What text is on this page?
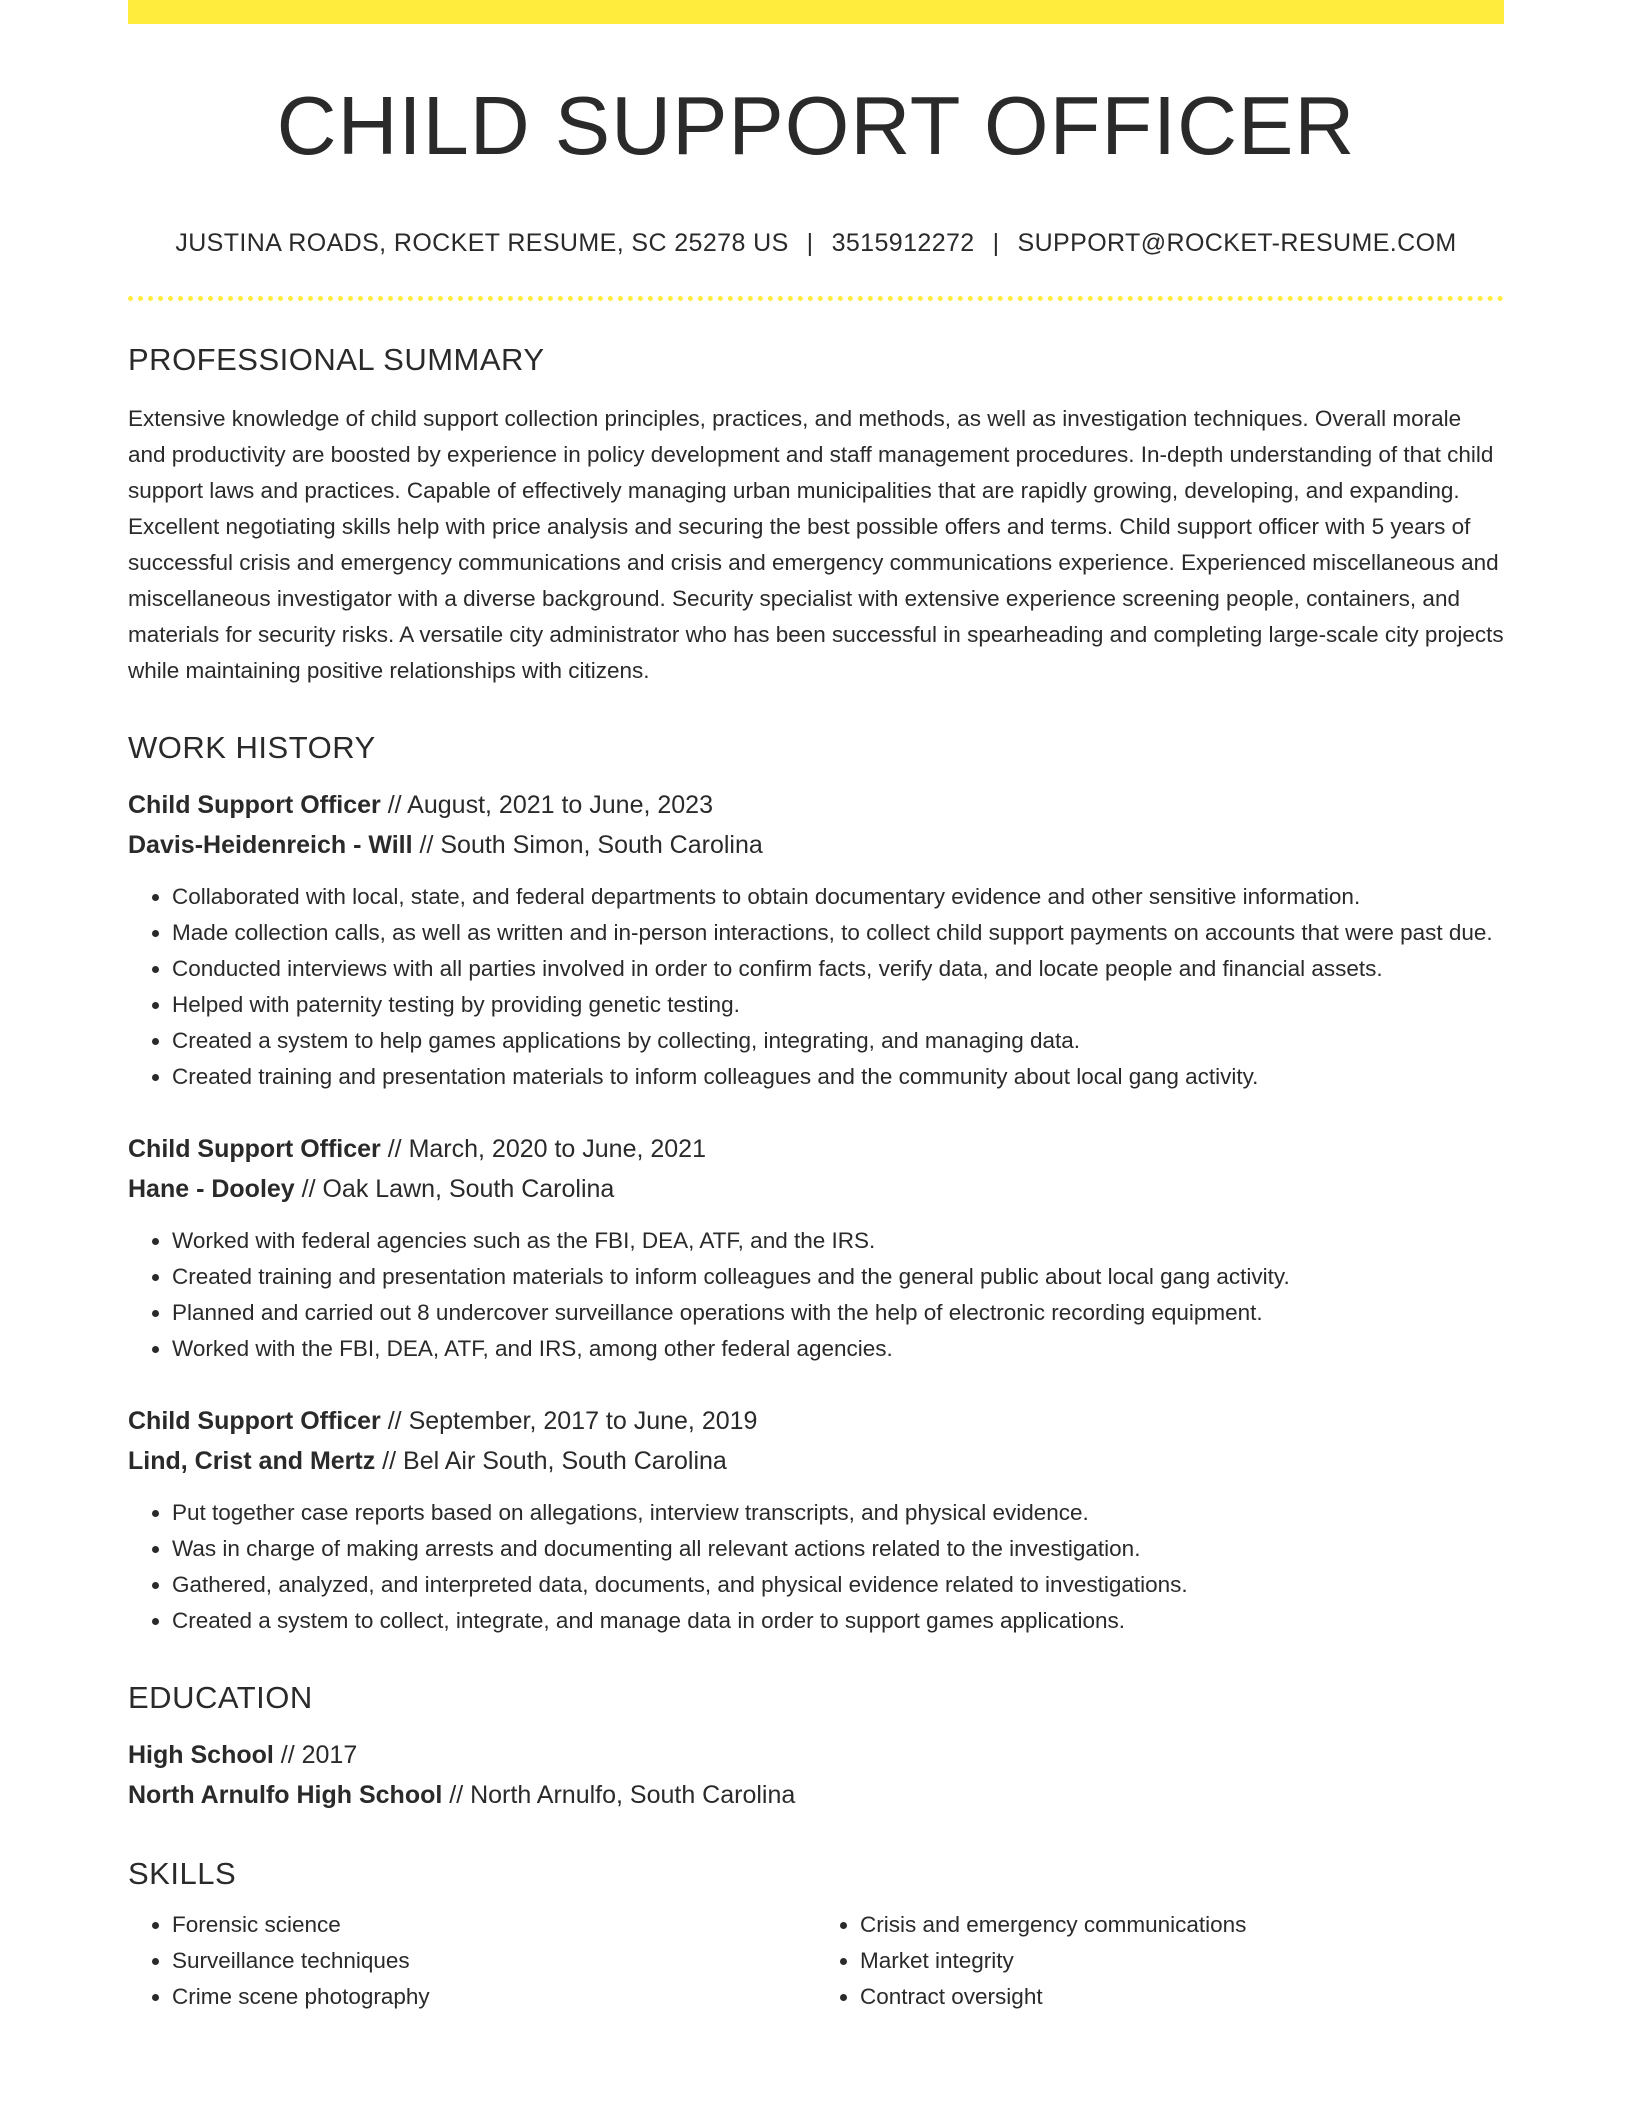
CHILD SUPPORT OFFICER
JUSTINA ROADS, ROCKET RESUME, SC 25278 US | 3515912272 | SUPPORT@ROCKET-RESUME.COM
PROFESSIONAL SUMMARY
Extensive knowledge of child support collection principles, practices, and methods, as well as investigation techniques. Overall morale and productivity are boosted by experience in policy development and staff management procedures. In-depth understanding of that child support laws and practices. Capable of effectively managing urban municipalities that are rapidly growing, developing, and expanding. Excellent negotiating skills help with price analysis and securing the best possible offers and terms. Child support officer with 5 years of successful crisis and emergency communications and crisis and emergency communications experience. Experienced miscellaneous and miscellaneous investigator with a diverse background. Security specialist with extensive experience screening people, containers, and materials for security risks. A versatile city administrator who has been successful in spearheading and completing large-scale city projects while maintaining positive relationships with citizens.
WORK HISTORY
Child Support Officer // August, 2021 to June, 2023
Davis-Heidenreich - Will // South Simon, South Carolina
• Collaborated with local, state, and federal departments to obtain documentary evidence and other sensitive information.
• Made collection calls, as well as written and in-person interactions, to collect child support payments on accounts that were past due.
• Conducted interviews with all parties involved in order to confirm facts, verify data, and locate people and financial assets.
• Helped with paternity testing by providing genetic testing.
• Created a system to help games applications by collecting, integrating, and managing data.
• Created training and presentation materials to inform colleagues and the community about local gang activity.
Child Support Officer // March, 2020 to June, 2021
Hane - Dooley // Oak Lawn, South Carolina
• Worked with federal agencies such as the FBI, DEA, ATF, and the IRS.
• Created training and presentation materials to inform colleagues and the general public about local gang activity.
• Planned and carried out 8 undercover surveillance operations with the help of electronic recording equipment.
• Worked with the FBI, DEA, ATF, and IRS, among other federal agencies.
Child Support Officer // September, 2017 to June, 2019
Lind, Crist and Mertz // Bel Air South, South Carolina
• Put together case reports based on allegations, interview transcripts, and physical evidence.
• Was in charge of making arrests and documenting all relevant actions related to the investigation.
• Gathered, analyzed, and interpreted data, documents, and physical evidence related to investigations.
• Created a system to collect, integrate, and manage data in order to support games applications.
EDUCATION
High School // 2017
North Arnulfo High School // North Arnulfo, South Carolina
SKILLS
• Forensic science
• Surveillance techniques
• Crime scene photography
• Crisis and emergency communications
• Market integrity
• Contract oversight
